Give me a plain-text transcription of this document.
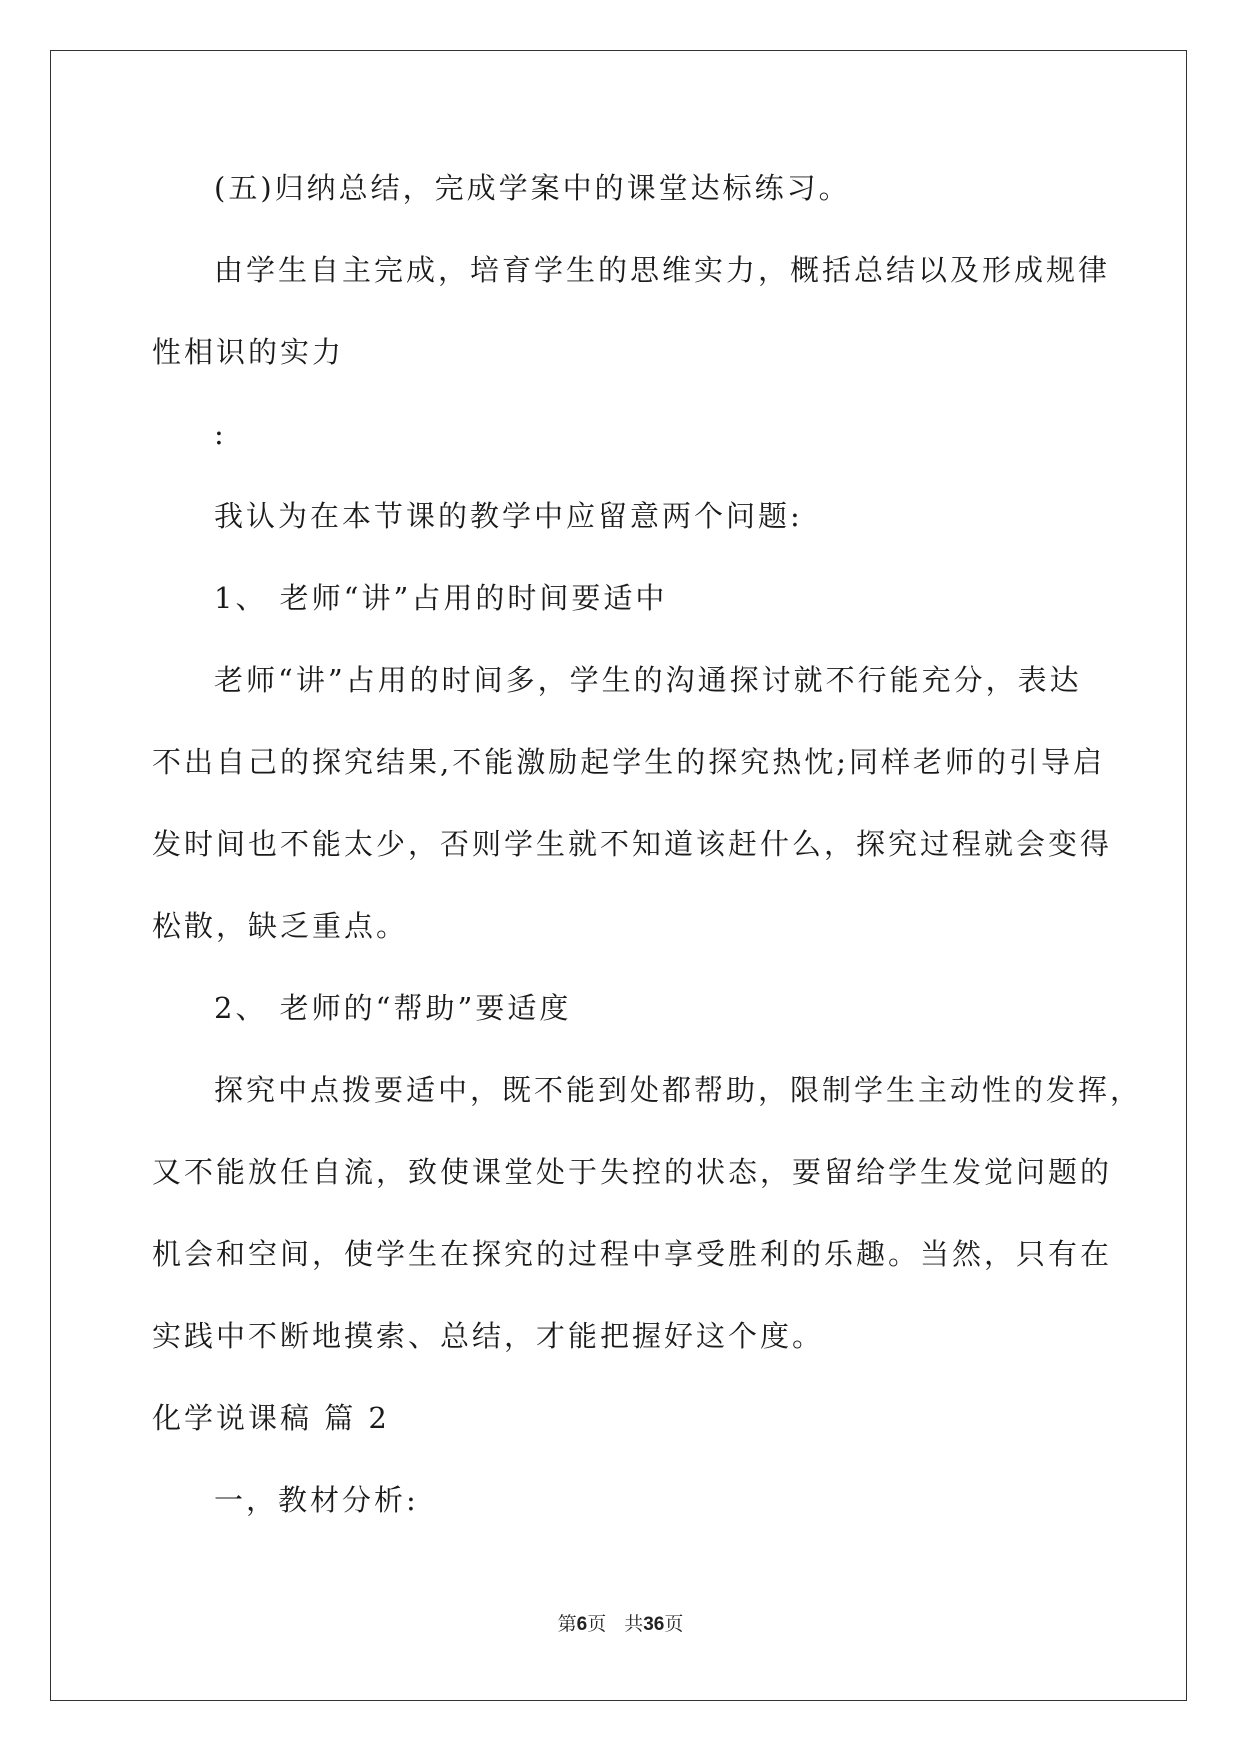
(五)归纳总结，完成学案中的课堂达标练习。
由学生自主完成，培育学生的思维实力，概括总结以及形成规律
性相识的实力
:
我认为在本节课的教学中应留意两个问题:
1、 老师“讲”占用的时间要适中
老师“讲”占用的时间多，学生的沟通探讨就不行能充分，表达
不出自己的探究结果,不能激励起学生的探究热忱;同样老师的引导启
发时间也不能太少，否则学生就不知道该赶什么，探究过程就会变得
松散，缺乏重点。
2、 老师的“帮助”要适度
探究中点拨要适中，既不能到处都帮助，限制学生主动性的发挥，
又不能放任自流，致使课堂处于失控的状态，要留给学生发觉问题的
机会和空间，使学生在探究的过程中享受胜利的乐趣。当然，只有在
实践中不断地摸索、总结，才能把握好这个度。
化学说课稿 篇 2
一，教材分析:
第6页 共36页
